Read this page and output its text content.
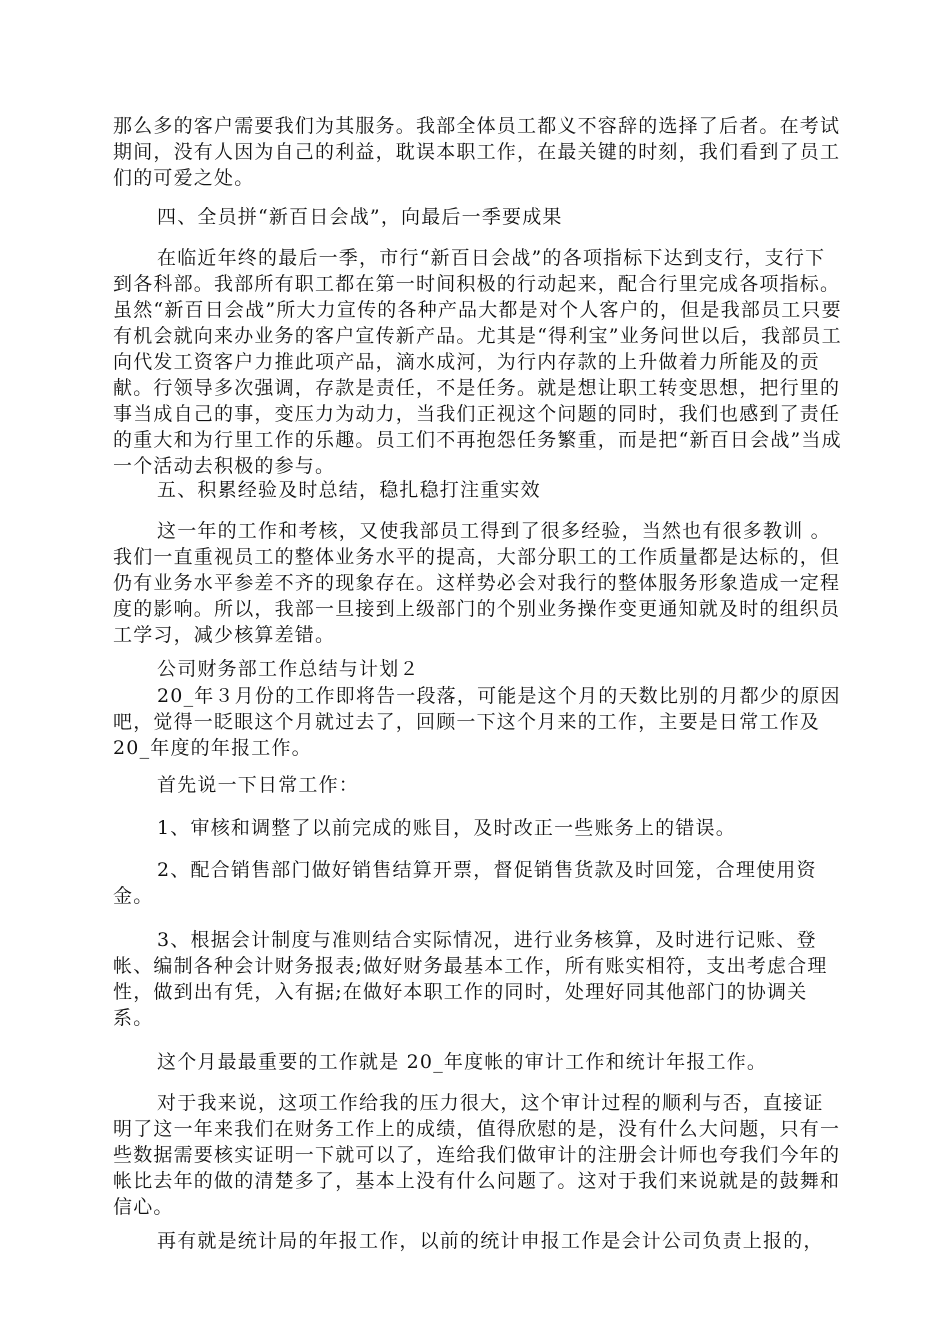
那么多的客户需要我们为其服务。我部全体员工都义不容辞的选择了后者。在考试期间，没有人因为自己的利益，耽误本职工作，在最关键的时刻，我们看到了员工们的可爱之处。

四、全员拼“新百日会战”，向最后一季要成果

在临近年终的最后一季，市行“新百日会战”的各项指标下达到支行，支行下到各科部。我部所有职工都在第一时间积极的行动起来，配合行里完成各项指标。虽然“新百日会战”所大力宣传的各种产品大都是对个人客户的，但是我部员工只要有机会就向来办业务的客户宣传新产品。尤其是“得利宝”业务问世以后，我部员工向代发工资客户力推此项产品，滴水成河，为行内存款的上升做着力所能及的贡献。行领导多次强调，存款是责任，不是任务。就是想让职工转变思想，把行里的事当成自己的事，变压力为动力，当我们正视这个问题的同时，我们也感到了责任的重大和为行里工作的乐趣。员工们不再抱怨任务繁重，而是把“新百日会战”当成一个活动去积极的参与。

五、积累经验及时总结，稳扎稳打注重实效

这一年的工作和考核，又使我部员工得到了很多经验，当然也有很多教训 。我们一直重视员工的整体业务水平的提高，大部分职工的工作质量都是达标的，但仍有业务水平参差不齐的现象存在。这样势必会对我行的整体服务形象造成一定程度的影响。所以，我部一旦接到上级部门的个别业务操作变更通知就及时的组织员工学习，减少核算差错。

公司财务部工作总结与计划２

20_年３月份的工作即将告一段落，可能是这个月的天数比别的月都少的原因吧，觉得一眨眼这个月就过去了，回顾一下这个月来的工作，主要是日常工作及 20_年度的年报工作。

首先说一下日常工作：

1、审核和调整了以前完成的账目，及时改正一些账务上的错误。

2、配合销售部门做好销售结算开票，督促销售货款及时回笼，合理使用资金。

3、根据会计制度与准则结合实际情况，进行业务核算，及时进行记账、登帐、编制各种会计财务报表;做好财务最基本工作，所有账实相符，支出考虑合理性，做到出有凭，入有据;在做好本职工作的同时，处理好同其他部门的协调关系。

这个月最最重要的工作就是 20_年度帐的审计工作和统计年报工作。

对于我来说，这项工作给我的压力很大，这个审计过程的顺利与否，直接证明了这一年来我们在财务工作上的成绩，值得欣慰的是，没有什么大问题，只有一些数据需要核实证明一下就可以了，连给我们做审计的注册会计师也夸我们今年的帐比去年的做的清楚多了，基本上没有什么问题了。这对于我们来说就是的鼓舞和信心。

再有就是统计局的年报工作，以前的统计申报工作是会计公司负责上报的，
